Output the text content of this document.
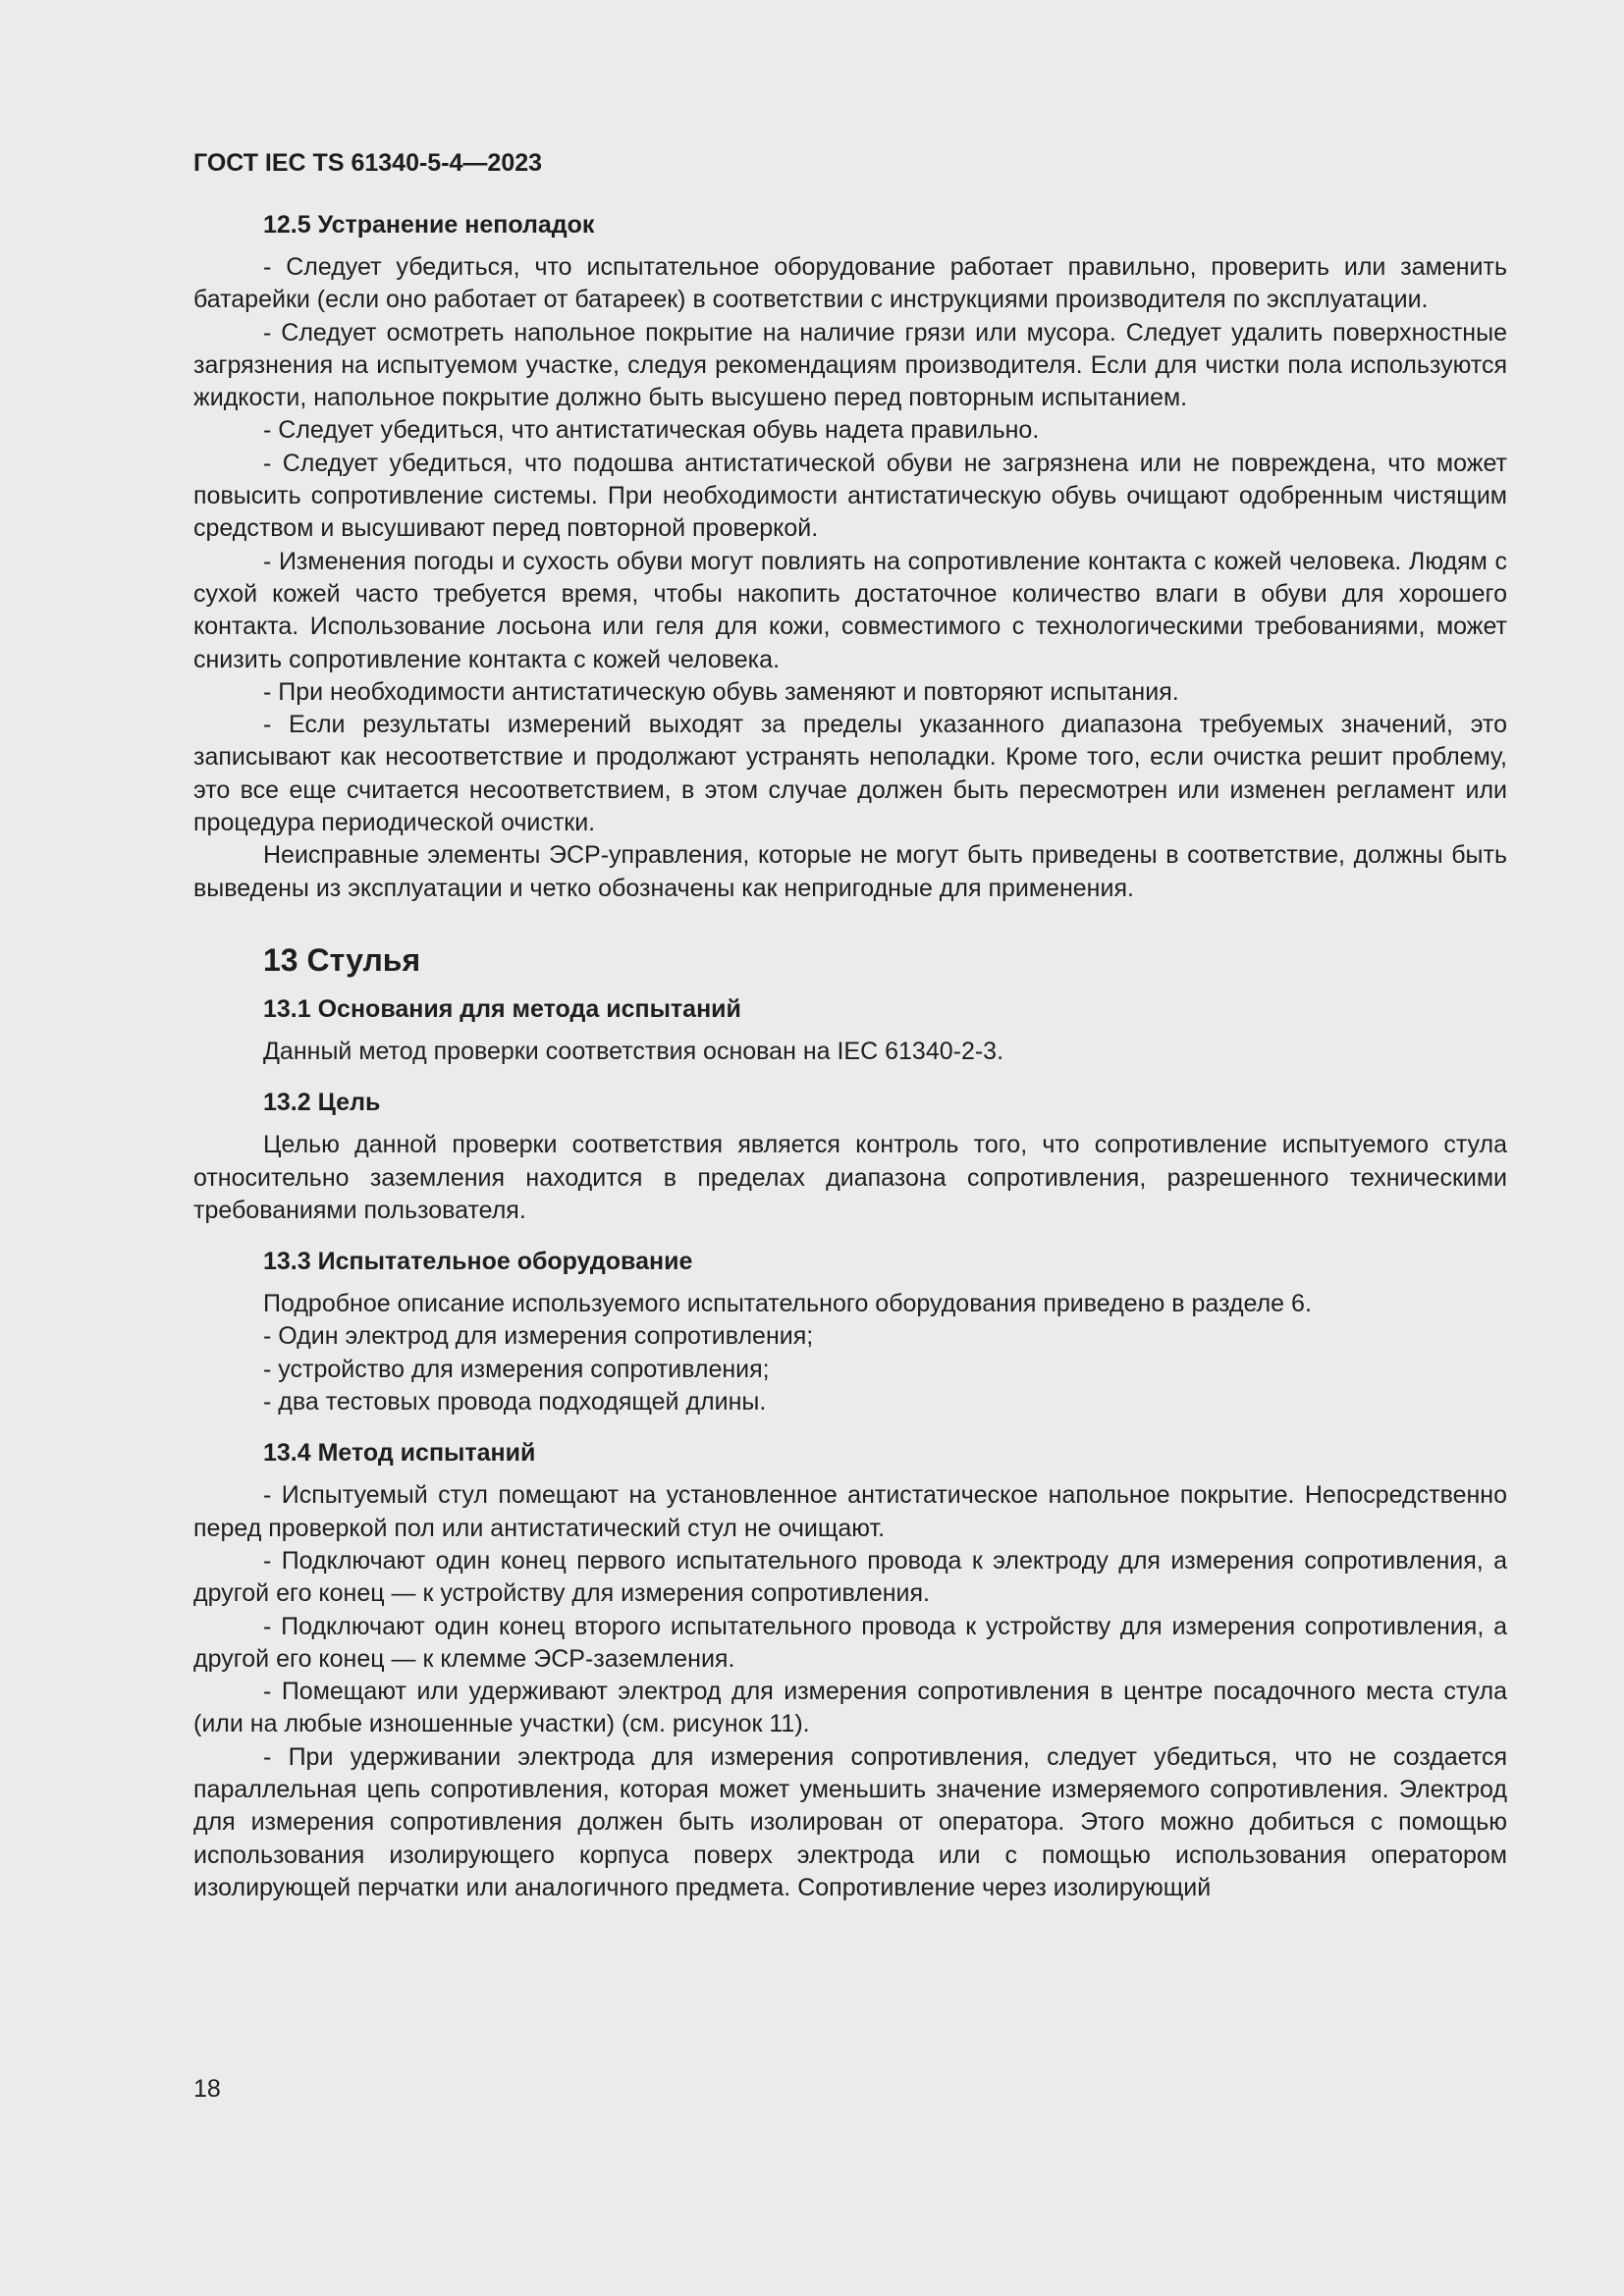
ГОСТ IEC TS 61340-5-4—2023
12.5 Устранение неполадок

- Следует убедиться, что испытательное оборудование работает правильно, проверить или заменить батарейки (если оно работает от батареек) в соответствии с инструкциями производителя по эксплуатации.

- Следует осмотреть напольное покрытие на наличие грязи или мусора. Следует удалить поверхностные загрязнения на испытуемом участке, следуя рекомендациям производителя. Если для чистки пола используются жидкости, напольное покрытие должно быть высушено перед повторным испытанием.

- Следует убедиться, что антистатическая обувь надета правильно.

- Следует убедиться, что подошва антистатической обуви не загрязнена или не повреждена, что может повысить сопротивление системы. При необходимости антистатическую обувь очищают одобренным чистящим средством и высушивают перед повторной проверкой.

- Изменения погоды и сухость обуви могут повлиять на сопротивление контакта с кожей человека. Людям с сухой кожей часто требуется время, чтобы накопить достаточное количество влаги в обуви для хорошего контакта. Использование лосьона или геля для кожи, совместимого с технологическими требованиями, может снизить сопротивление контакта с кожей человека.

- При необходимости антистатическую обувь заменяют и повторяют испытания.

- Если результаты измерений выходят за пределы указанного диапазона требуемых значений, это записывают как несоответствие и продолжают устранять неполадки. Кроме того, если очистка решит проблему, это все еще считается несоответствием, в этом случае должен быть пересмотрен или изменен регламент или процедура периодической очистки.

Неисправные элементы ЭСР-управления, которые не могут быть приведены в соответствие, должны быть выведены из эксплуатации и четко обозначены как непригодные для применения.

13 Стулья
13.1 Основания для метода испытаний

Данный метод проверки соответствия основан на IEC 61340-2-3.

13.2 Цель

Целью данной проверки соответствия является контроль того, что сопротивление испытуемого стула относительно заземления находится в пределах диапазона сопротивления, разрешенного техническими требованиями пользователя.

13.3 Испытательное оборудование

Подробное описание используемого испытательного оборудования приведено в разделе 6.

- Один электрод для измерения сопротивления;

- устройство для измерения сопротивления;

- два тестовых провода подходящей длины.

13.4 Метод испытаний

- Испытуемый стул помещают на установленное антистатическое напольное покрытие. Непосредственно перед проверкой пол или антистатический стул не очищают.

- Подключают один конец первого испытательного провода к электроду для измерения сопротивления, а другой его конец — к устройству для измерения сопротивления.

- Подключают один конец второго испытательного провода к устройству для измерения сопротивления, а другой его конец — к клемме ЭСР-заземления.

- Помещают или удерживают электрод для измерения сопротивления в центре посадочного места стула (или на любые изношенные участки) (см. рисунок 11).

- При удерживании электрода для измерения сопротивления, следует убедиться, что не создается параллельная цепь сопротивления, которая может уменьшить значение измеряемого сопротивления. Электрод для измерения сопротивления должен быть изолирован от оператора. Этого можно добиться с помощью использования изолирующего корпуса поверх электрода или с помощью использования оператором изолирующей перчатки или аналогичного предмета. Сопротивление через изолирующий

18
